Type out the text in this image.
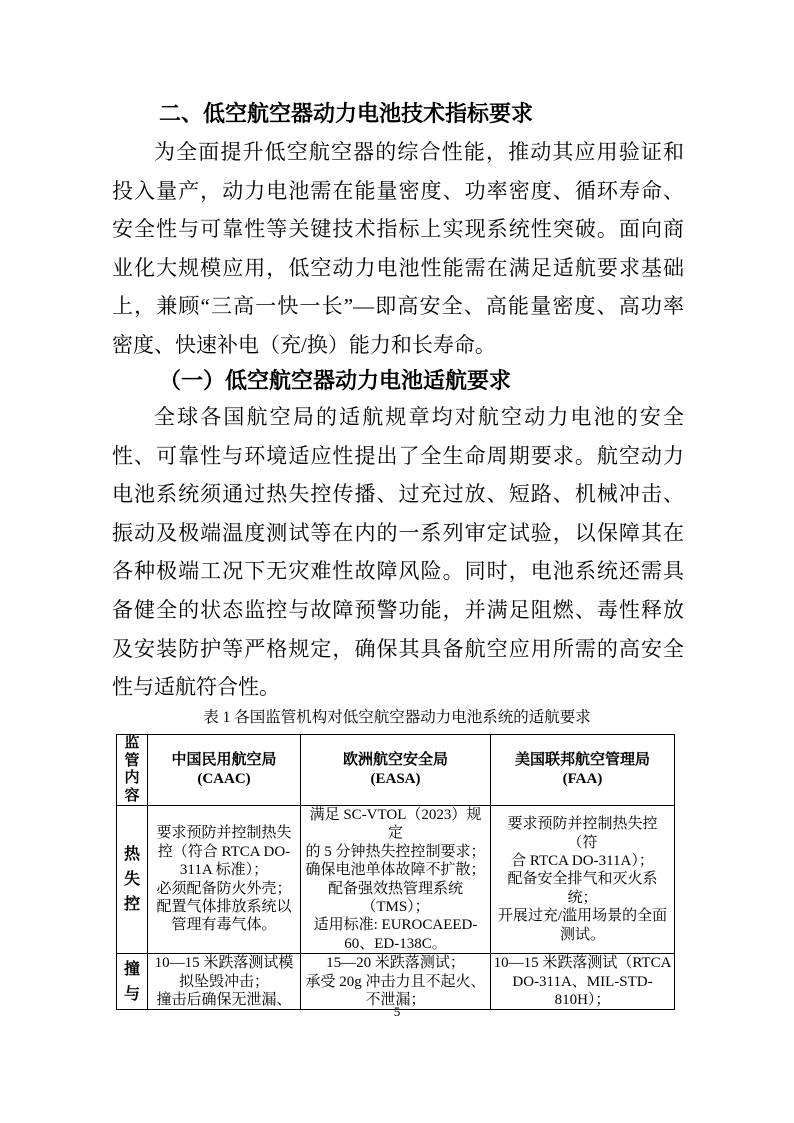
二、低空航空器动力电池技术指标要求
为全面提升低空航空器的综合性能，推动其应用验证和
投入量产，动力电池需在能量密度、功率密度、循环寿命、
安全性与可靠性等关键技术指标上实现系统性突破。面向商
业化大规模应用，低空动力电池性能需在满足适航要求基础
上，兼顾“三高一快一长”—即高安全、高能量密度、高功率
密度、快速补电（充/换）能力和长寿命。
（一）低空航空器动力电池适航要求
全球各国航空局的适航规章均对航空动力电池的安全
性、可靠性与环境适应性提出了全生命周期要求。航空动力
电池系统须通过热失控传播、过充过放、短路、机械冲击、
振动及极端温度测试等在内的一系列审定试验，以保障其在
各种极端工况下无灾难性故障风险。同时，电池系统还需具
备健全的状态监控与故障预警功能，并满足阻燃、毒性释放
及安装防护等严格规定，确保其具备航空应用所需的高安全
性与适航符合性。
表 1 各国监管机构对低空航空器动力电池系统的适航要求
监
管
内
容

中国民用航空局
(CAAC)

欧洲航空安全局
(EASA)

美国联邦航空管理局
(FAA)

热
失
控

要求预防并控制热失
控（符合 RTCA DO-
311A 标准）；
必须配备防火外壳；
配置气体排放系统以
管理有毒气体。

满足 SC-VTOL（2023）规定
的 5 分钟热失控控制要求；
确保电池单体故障不扩散；
配备强效热管理系统
（TMS）；
适用标准: EUROCAEED-
60、ED-138C。

要求预防并控制热失控（符
合 RTCA DO-311A）；
配备安全排气和灭火系统；
开展过充/滥用场景的全面
测试。

撞
与

10—15 米跌落测试模
拟坠毁冲击；
撞击后确保无泄漏、

15—20 米跌落测试；
承受 20g 冲击力且不起火、
不泄漏；

10—15 米跌落测试（RTCA
DO-311A、MIL-STD-
810H）；
5
